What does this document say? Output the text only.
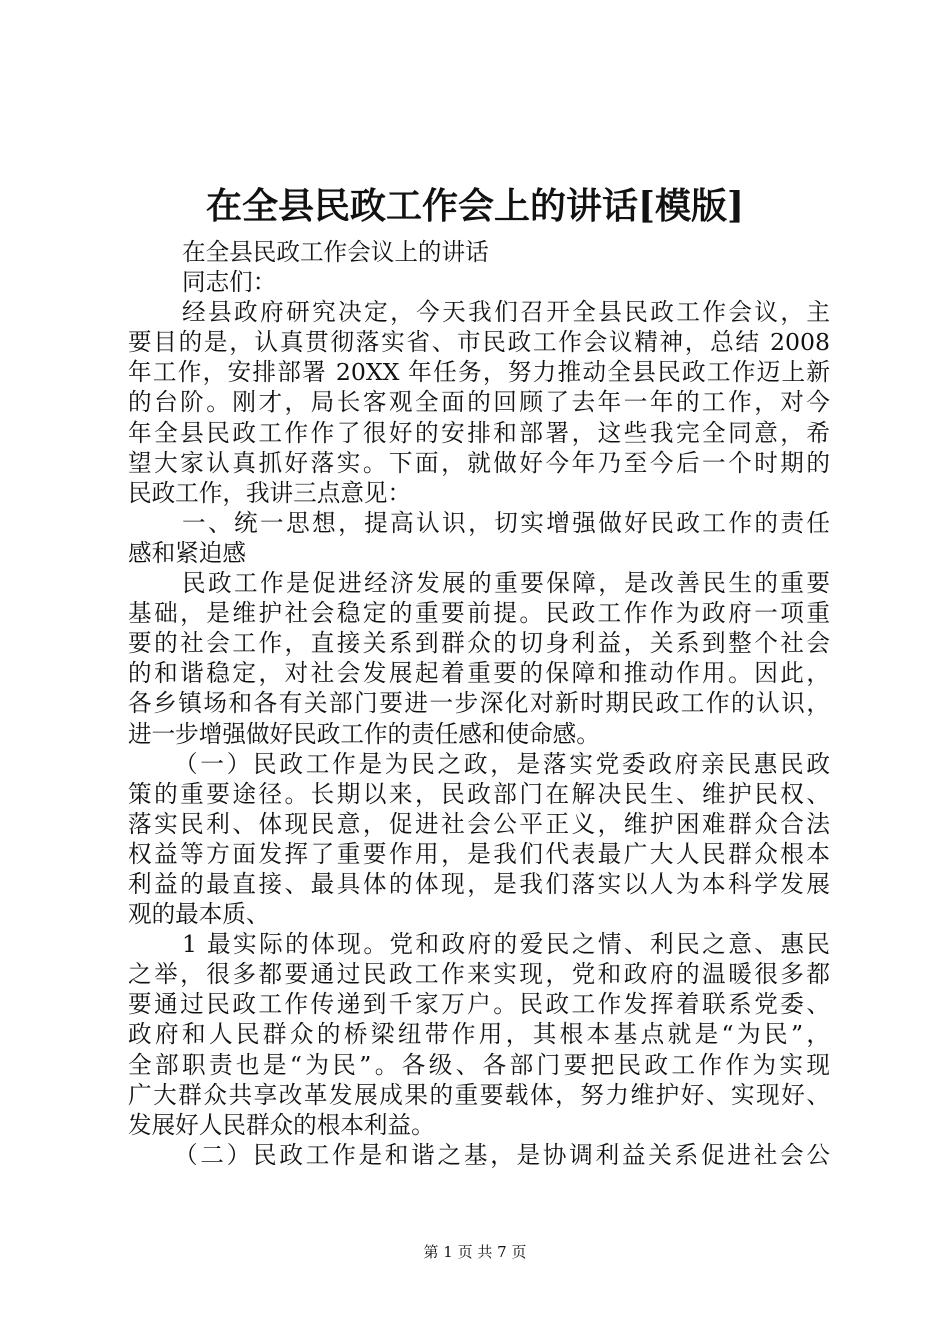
在全县民政工作会上的讲话[模版]
在全县民政工作会议上的讲话
同志们：
经县政府研究决定，今天我们召开全县民政工作会议，主
要目的是，认真贯彻落实省、市民政工作会议精神，总结 2008
年工作，安排部署 20XX 年任务，努力推动全县民政工作迈上新
的台阶。刚才，局长客观全面的回顾了去年一年的工作，对今
年全县民政工作作了很好的安排和部署，这些我完全同意，希
望大家认真抓好落实。下面，就做好今年乃至今后一个时期的
民政工作，我讲三点意见：
一、统一思想，提高认识，切实增强做好民政工作的责任
感和紧迫感
民政工作是促进经济发展的重要保障，是改善民生的重要
基础，是维护社会稳定的重要前提。民政工作作为政府一项重
要的社会工作，直接关系到群众的切身利益，关系到整个社会
的和谐稳定，对社会发展起着重要的保障和推动作用。因此，
各乡镇场和各有关部门要进一步深化对新时期民政工作的认识，
进一步增强做好民政工作的责任感和使命感。
（一）民政工作是为民之政，是落实党委政府亲民惠民政
策的重要途径。长期以来，民政部门在解决民生、维护民权、
落实民利、体现民意，促进社会公平正义，维护困难群众合法
权益等方面发挥了重要作用，是我们代表最广大人民群众根本
利益的最直接、最具体的体现，是我们落实以人为本科学发展
观的最本质、
1 最实际的体现。党和政府的爱民之情、利民之意、惠民
之举，很多都要通过民政工作来实现，党和政府的温暖很多都
要通过民政工作传递到千家万户。民政工作发挥着联系党委、
政府和人民群众的桥梁纽带作用，其根本基点就是“为民”，
全部职责也是“为民”。各级、各部门要把民政工作作为实现
广大群众共享改革发展成果的重要载体，努力维护好、实现好、
发展好人民群众的根本利益。
（二）民政工作是和谐之基，是协调利益关系促进社会公
第 1 页 共 7 页
